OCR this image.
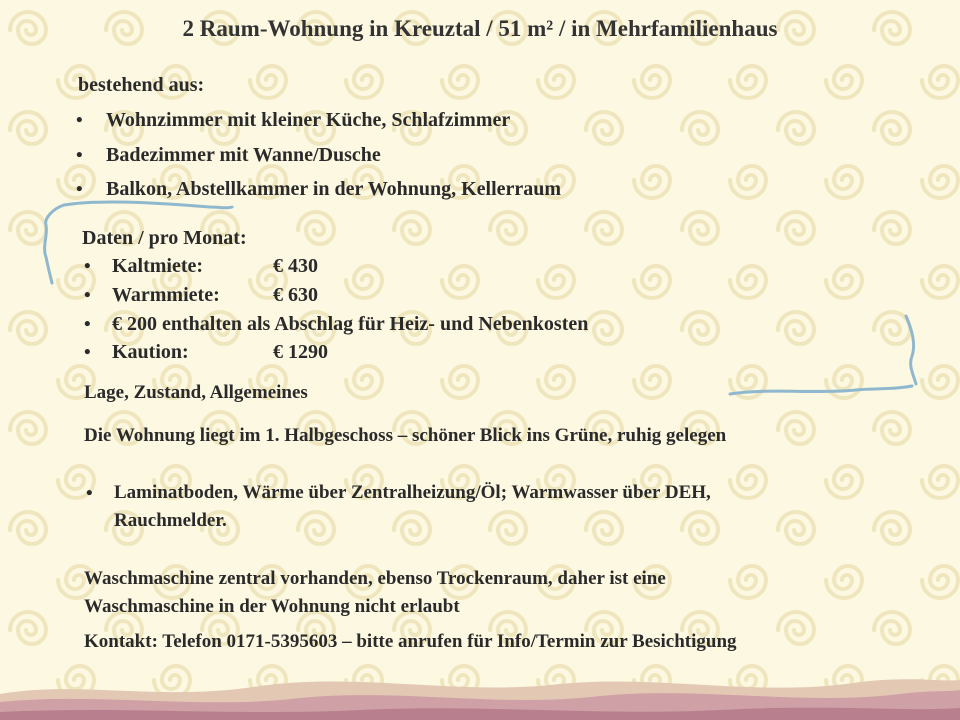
2 Raum-Wohnung in Kreuztal / 51 m² / in Mehrfamilienhaus
bestehend aus:
• Wohnzimmer mit kleiner Küche, Schlafzimmer
• Badezimmer mit Wanne/Dusche
• Balkon, Abstellkammer in der Wohnung, Kellerraum
Daten / pro Monat:
• Kaltmiete:	€ 430
• Warmmiete:	€ 630
• € 200 enthalten als Abschlag für Heiz- und Nebenkosten
• Kaution:	€ 1290
Lage, Zustand, Allgemeines
Die Wohnung liegt im 1. Halbgeschoss – schöner Blick ins Grüne, ruhig gelegen
• Laminatboden, Wärme über Zentralheizung/Öl; Warmwasser über DEH,
Rauchmelder.
Waschmaschine zentral vorhanden, ebenso Trockenraum, daher ist eine
Waschmaschine in der Wohnung nicht erlaubt
Kontakt: Telefon 0171-5395603 – bitte anrufen für Info/Termin zur Besichtigung
